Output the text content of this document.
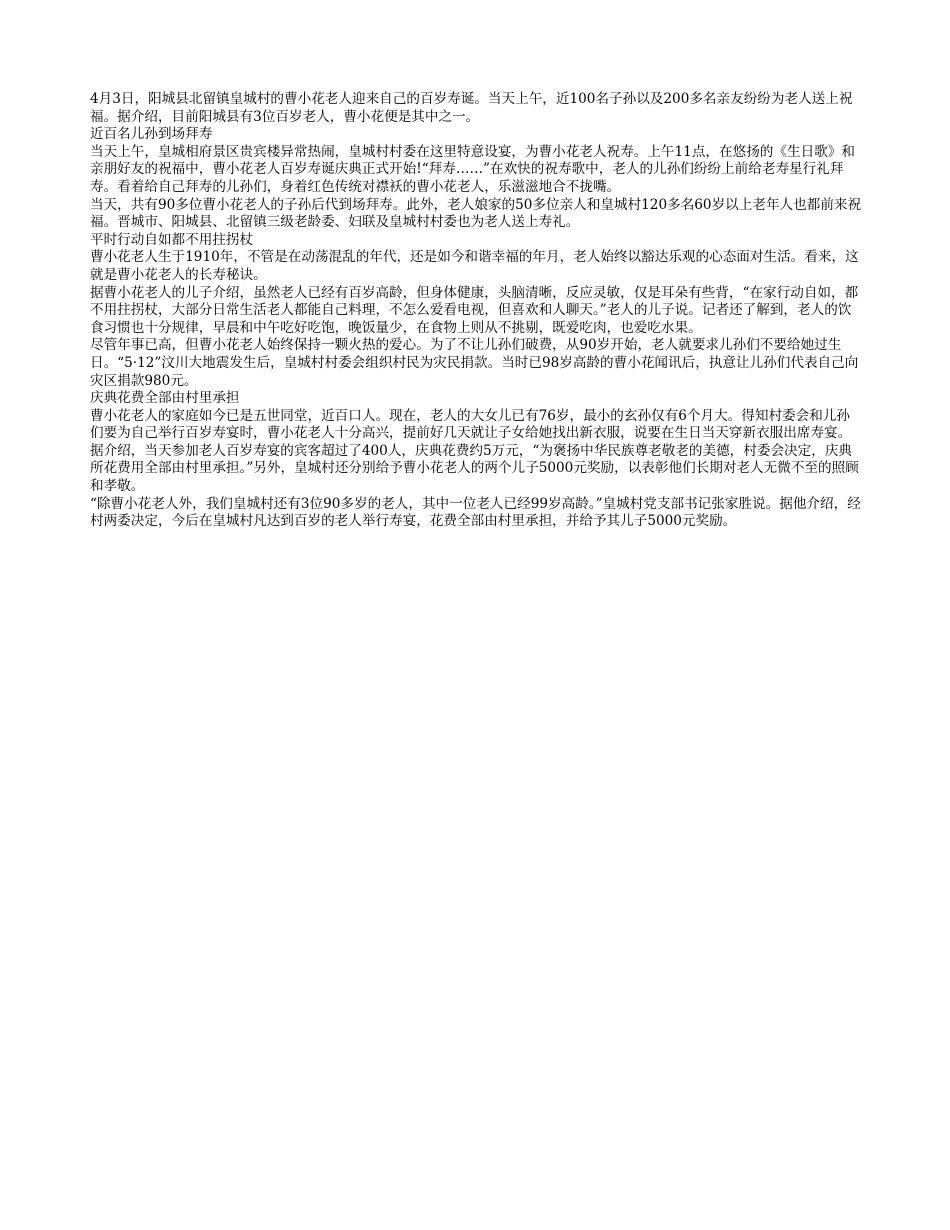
4月3日，阳城县北留镇皇城村的曹小花老人迎来自己的百岁寿诞。当天上午，近100名子孙以及200多名亲友纷纷为老人送上祝福。据介绍，目前阳城县有3位百岁老人，曹小花便是其中之一。

近百名儿孙到场拜寿

当天上午，皇城相府景区贵宾楼异常热闹，皇城村村委在这里特意设宴，为曹小花老人祝寿。上午11点，在悠扬的《生日歌》和亲朋好友的祝福中，曹小花老人百岁寿诞庆典正式开始!“拜寿……”在欢快的祝寿歌中，老人的儿孙们纷纷上前给老寿星行礼拜寿。看着给自己拜寿的儿孙们，身着红色传统对襟袄的曹小花老人，乐滋滋地合不拢嘴。

当天，共有90多位曹小花老人的子孙后代到场拜寿。此外，老人娘家的50多位亲人和皇城村120多名60岁以上老年人也都前来祝福。晋城市、阳城县、北留镇三级老龄委、妇联及皇城村村委也为老人送上寿礼。

平时行动自如都不用拄拐杖

曹小花老人生于1910年，不管是在动荡混乱的年代，还是如今和谐幸福的年月，老人始终以豁达乐观的心态面对生活。看来，这就是曹小花老人的长寿秘诀。

据曹小花老人的儿子介绍，虽然老人已经有百岁高龄，但身体健康，头脑清晰，反应灵敏，仅是耳朵有些背，“在家行动自如，都不用拄拐杖，大部分日常生活老人都能自己料理，不怎么爱看电视，但喜欢和人聊天。”老人的儿子说。记者还了解到，老人的饮食习惯也十分规律，早晨和中午吃好吃饱，晚饭量少，在食物上则从不挑剔，既爱吃肉，也爱吃水果。

尽管年事已高，但曹小花老人始终保持一颗火热的爱心。为了不让儿孙们破费，从90岁开始，老人就要求儿孙们不要给她过生日。“5·12”汶川大地震发生后，皇城村村委会组织村民为灾民捐款。当时已98岁高龄的曹小花闻讯后，执意让儿孙们代表自己向灾区捐款980元。

庆典花费全部由村里承担

曹小花老人的家庭如今已是五世同堂，近百口人。现在，老人的大女儿已有76岁，最小的玄孙仅有6个月大。得知村委会和儿孙们要为自己举行百岁寿宴时，曹小花老人十分高兴，提前好几天就让子女给她找出新衣服，说要在生日当天穿新衣服出席寿宴。

据介绍，当天参加老人百岁寿宴的宾客超过了400人，庆典花费约5万元，“为褒扬中华民族尊老敬老的美德，村委会决定，庆典所花费用全部由村里承担。”另外，皇城村还分别给予曹小花老人的两个儿子5000元奖励，以表彰他们长期对老人无微不至的照顾和孝敬。

“除曹小花老人外，我们皇城村还有3位90多岁的老人，其中一位老人已经99岁高龄。”皇城村党支部书记张家胜说。据他介绍，经村两委决定，今后在皇城村凡达到百岁的老人举行寿宴，花费全部由村里承担，并给予其儿子5000元奖励。
